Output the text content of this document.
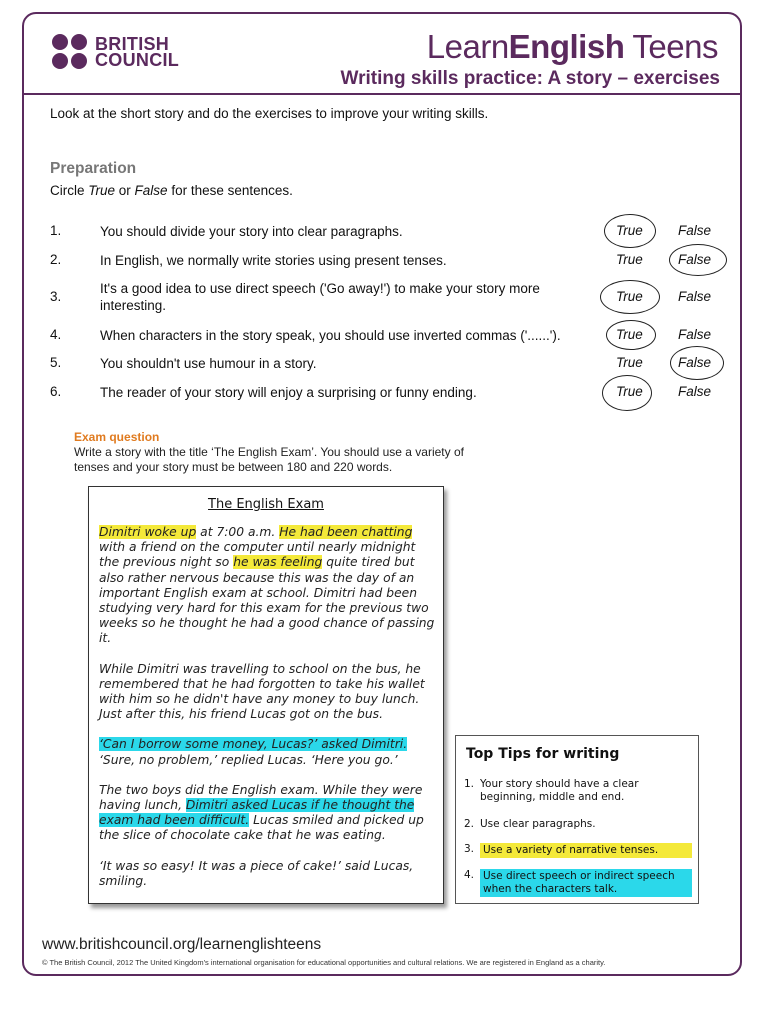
BRITISH
COUNCIL	LearnEnglish Teens
Writing skills practice: A story – exercises
Look at the short story and do the exercises to improve your writing skills.
Preparation
Circle True or False for these sentences.
1.	You should divide your story into clear paragraphs.	True	False
2.	In English, we normally write stories using present tenses.	True	False
3.
It's a good idea to use direct speech ('Go away!') to make your story more interesting.
True	False
4.	When characters in the story speak, you should use inverted commas ('......').	True	False
5.	You shouldn't use humour in a story.	True	False
6.	The reader of your story will enjoy a surprising or funny ending.	True	False
Exam question
Write a story with the title ‘The English Exam’. You should use a variety of tenses and your story must be between 180 and 220 words.
The English Exam

Dimitri woke up at 7:00 a.m. He had been chatting with a friend on the computer until nearly midnight the previous night so he was feeling quite tired but also rather nervous because this was the day of an important English exam at school. Dimitri had been studying very hard for this exam for the previous two weeks so he thought he had a good chance of passing it.

While Dimitri was travelling to school on the bus, he remembered that he had forgotten to take his wallet with him so he didn't have any money to buy lunch. Just after this, his friend Lucas got on the bus.

‘Can I borrow some money, Lucas?’ asked Dimitri.
‘Sure, no problem,’ replied Lucas. ‘Here you go.’

The two boys did the English exam. While they were having lunch, Dimitri asked Lucas if he thought the exam had been difficult. Lucas smiled and picked up the slice of chocolate cake that he was eating.

‘It was so easy! It was a piece of cake!’ said Lucas, smiling.

Top Tips for writing
1. Your story should have a clear beginning, middle and end.
2. Use clear paragraphs.
3. Use a variety of narrative tenses.
4. Use direct speech or indirect speech when the characters talk.
www.britishcouncil.org/learnenglishteens
© The British Council, 2012 The United Kingdom's international organisation for educational opportunities and cultural relations. We are registered in England as a charity.
